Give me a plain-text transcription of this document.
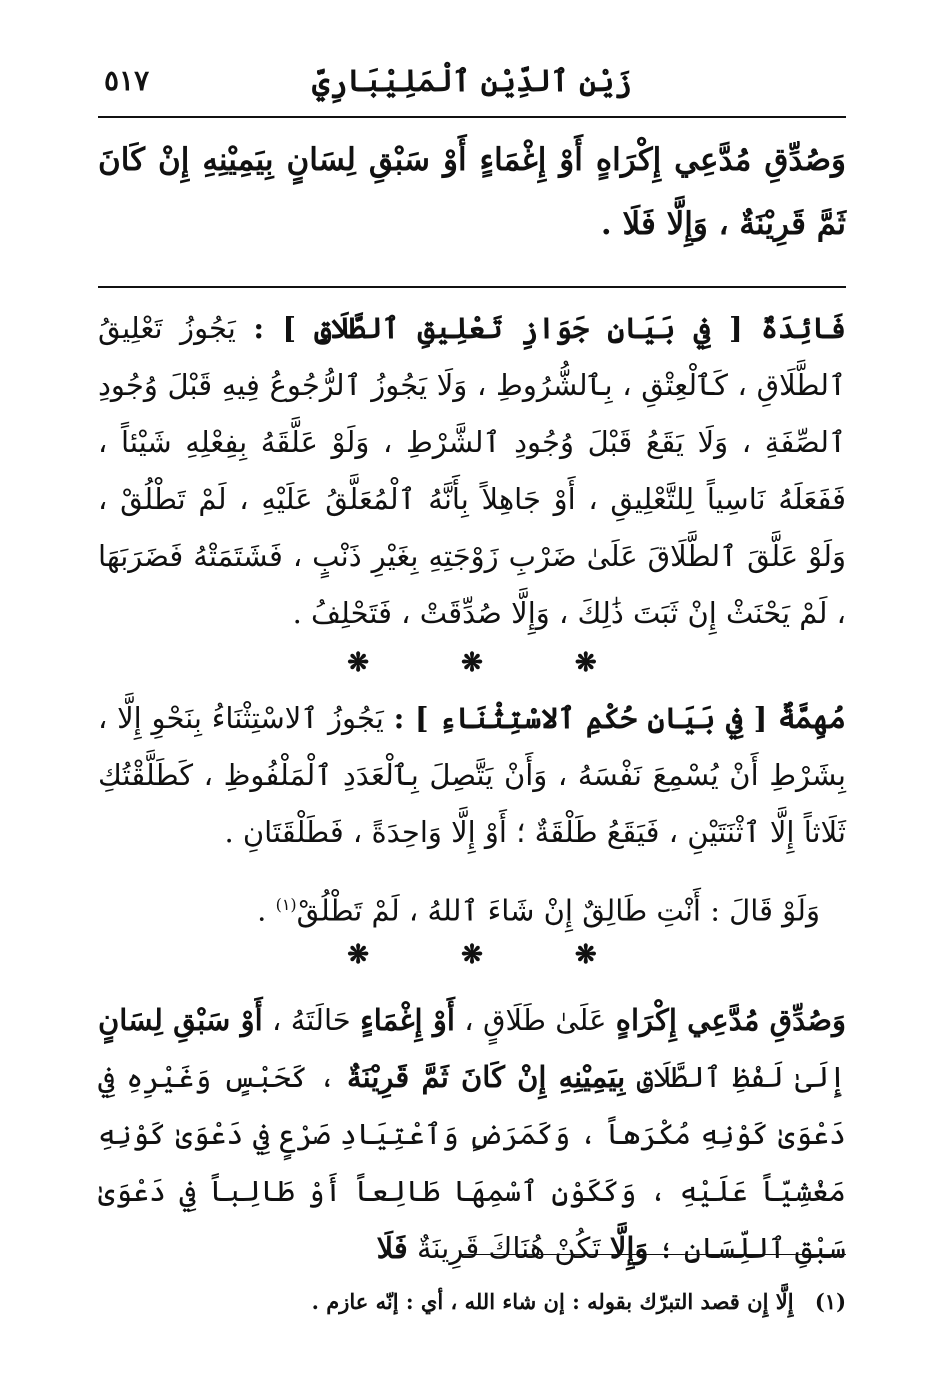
زَيْن ٱلدِّيْن ٱلْمَلِيْبَارِيّ
٥١٧
وَصُدِّقِ مُدَّعِي إِكْرَاهٍ أَوْ إِغْمَاءٍ أَوْ سَبْقِ لِسَانٍ بِيَمِيْنِهِ إِنْ كَانَ ثَمَّ قَرِيْنَةٌ ، وَإِلَّا فَلَا .
فَائِدَةٌ [ فِي بَيَانِ جَوَازِ تَعْلِيقِ ٱلطَّلَاقِ ] : يَجُوزُ تَعْلِيقُ ٱلطَّلَاقِ ، كَٱلْعِتْقِ ، بِٱلشُّرُوطِ ، وَلَا يَجُوزُ ٱلرُّجُوعُ فِيهِ قَبْلَ وُجُودِ ٱلصِّفَةِ ، وَلَا يَقَعُ قَبْلَ وُجُودِ ٱلشَّرْطِ ، وَلَوْ عَلَّقَهُ بِفِعْلِهِ شَيْئاً ، فَفَعَلَهُ نَاسِياً لِلتَّعْلِيقِ ، أَوْ جَاهِلاً بِأَنَّهُ ٱلْمُعَلَّقُ عَلَيْهِ ، لَمْ تَطْلُقْ ، وَلَوْ عَلَّقَ ٱلطَّلَاقَ عَلَىٰ ضَرْبِ زَوْجَتِهِ بِغَيْرِ ذَنْبٍ ، فَشَتَمَتْهُ فَضَرَبَهَا ، لَمْ يَحْنَثْ إِنْ ثَبَتَ ذَٰلِكَ ، وَإِلَّا صُدِّقَتْ ، فَتَحْلِفُ .
❋	❋	❋
مُهِمَّةٌ [ فِي بَيَانِ حُكْمِ ٱلاسْتِثْنَاءِ ] : يَجُوزُ ٱلاسْتِثْنَاءُ بِنَحْوِ إِلَّا ، بِشَرْطِ أَنْ يُسْمِعَ نَفْسَهُ ، وَأَنْ يَتَّصِلَ بِٱلْعَدَدِ ٱلْمَلْفُوظِ ، كَطَلَّقْتُكِ ثَلَاثاً إِلَّا ٱثْنَتَيْنِ ، فَيَقَعُ طَلْقَةٌ ؛ أَوْ إِلَّا وَاحِدَةً ، فَطَلْقَتَانِ .
وَلَوْ قَالَ : أَنْتِ طَالِقٌ إِنْ شَاءَ ٱللهُ ، لَمْ تَطْلُقْ$^{(١)}$ .
❋	❋	❋
وَصُدِّقِ مُدَّعِي إِكْرَاهٍ عَلَىٰ طَلَاقٍ ، أَوْ إِغْمَاءٍ حَالَتَهُ ، أَوْ سَبْقِ لِسَانٍ إِلَىٰ لَفْظِ ٱلطَّلَاقِ بِيَمِيْنِهِ إِنْ كَانَ ثَمَّ قَرِيْنَةٌ ، كَحَبْسٍ وَغَيْرِهِ فِي دَعْوَىٰ كَوْنِهِ مُكْرَهاً ، وَكَمَرَضٍ وَٱعْتِيَادِ صَرْعٍ فِي دَعْوَىٰ كَوْنِهِ مَغْشِيّاً عَلَيْهِ ، وَكَكَوْنِ ٱسْمِهَا طَالِعاً أَوْ طَالِباً فِي دَعْوَىٰ سَبْقِ ٱللِّسَانِ ؛ وَإِلَّا تَكُنْ هُنَاكَ قَرِينَةٌ فَلَا
(١) إِلَّا إِن قصد التبرّك بقوله : إن شاء الله ، أي : إنّه عازم .
